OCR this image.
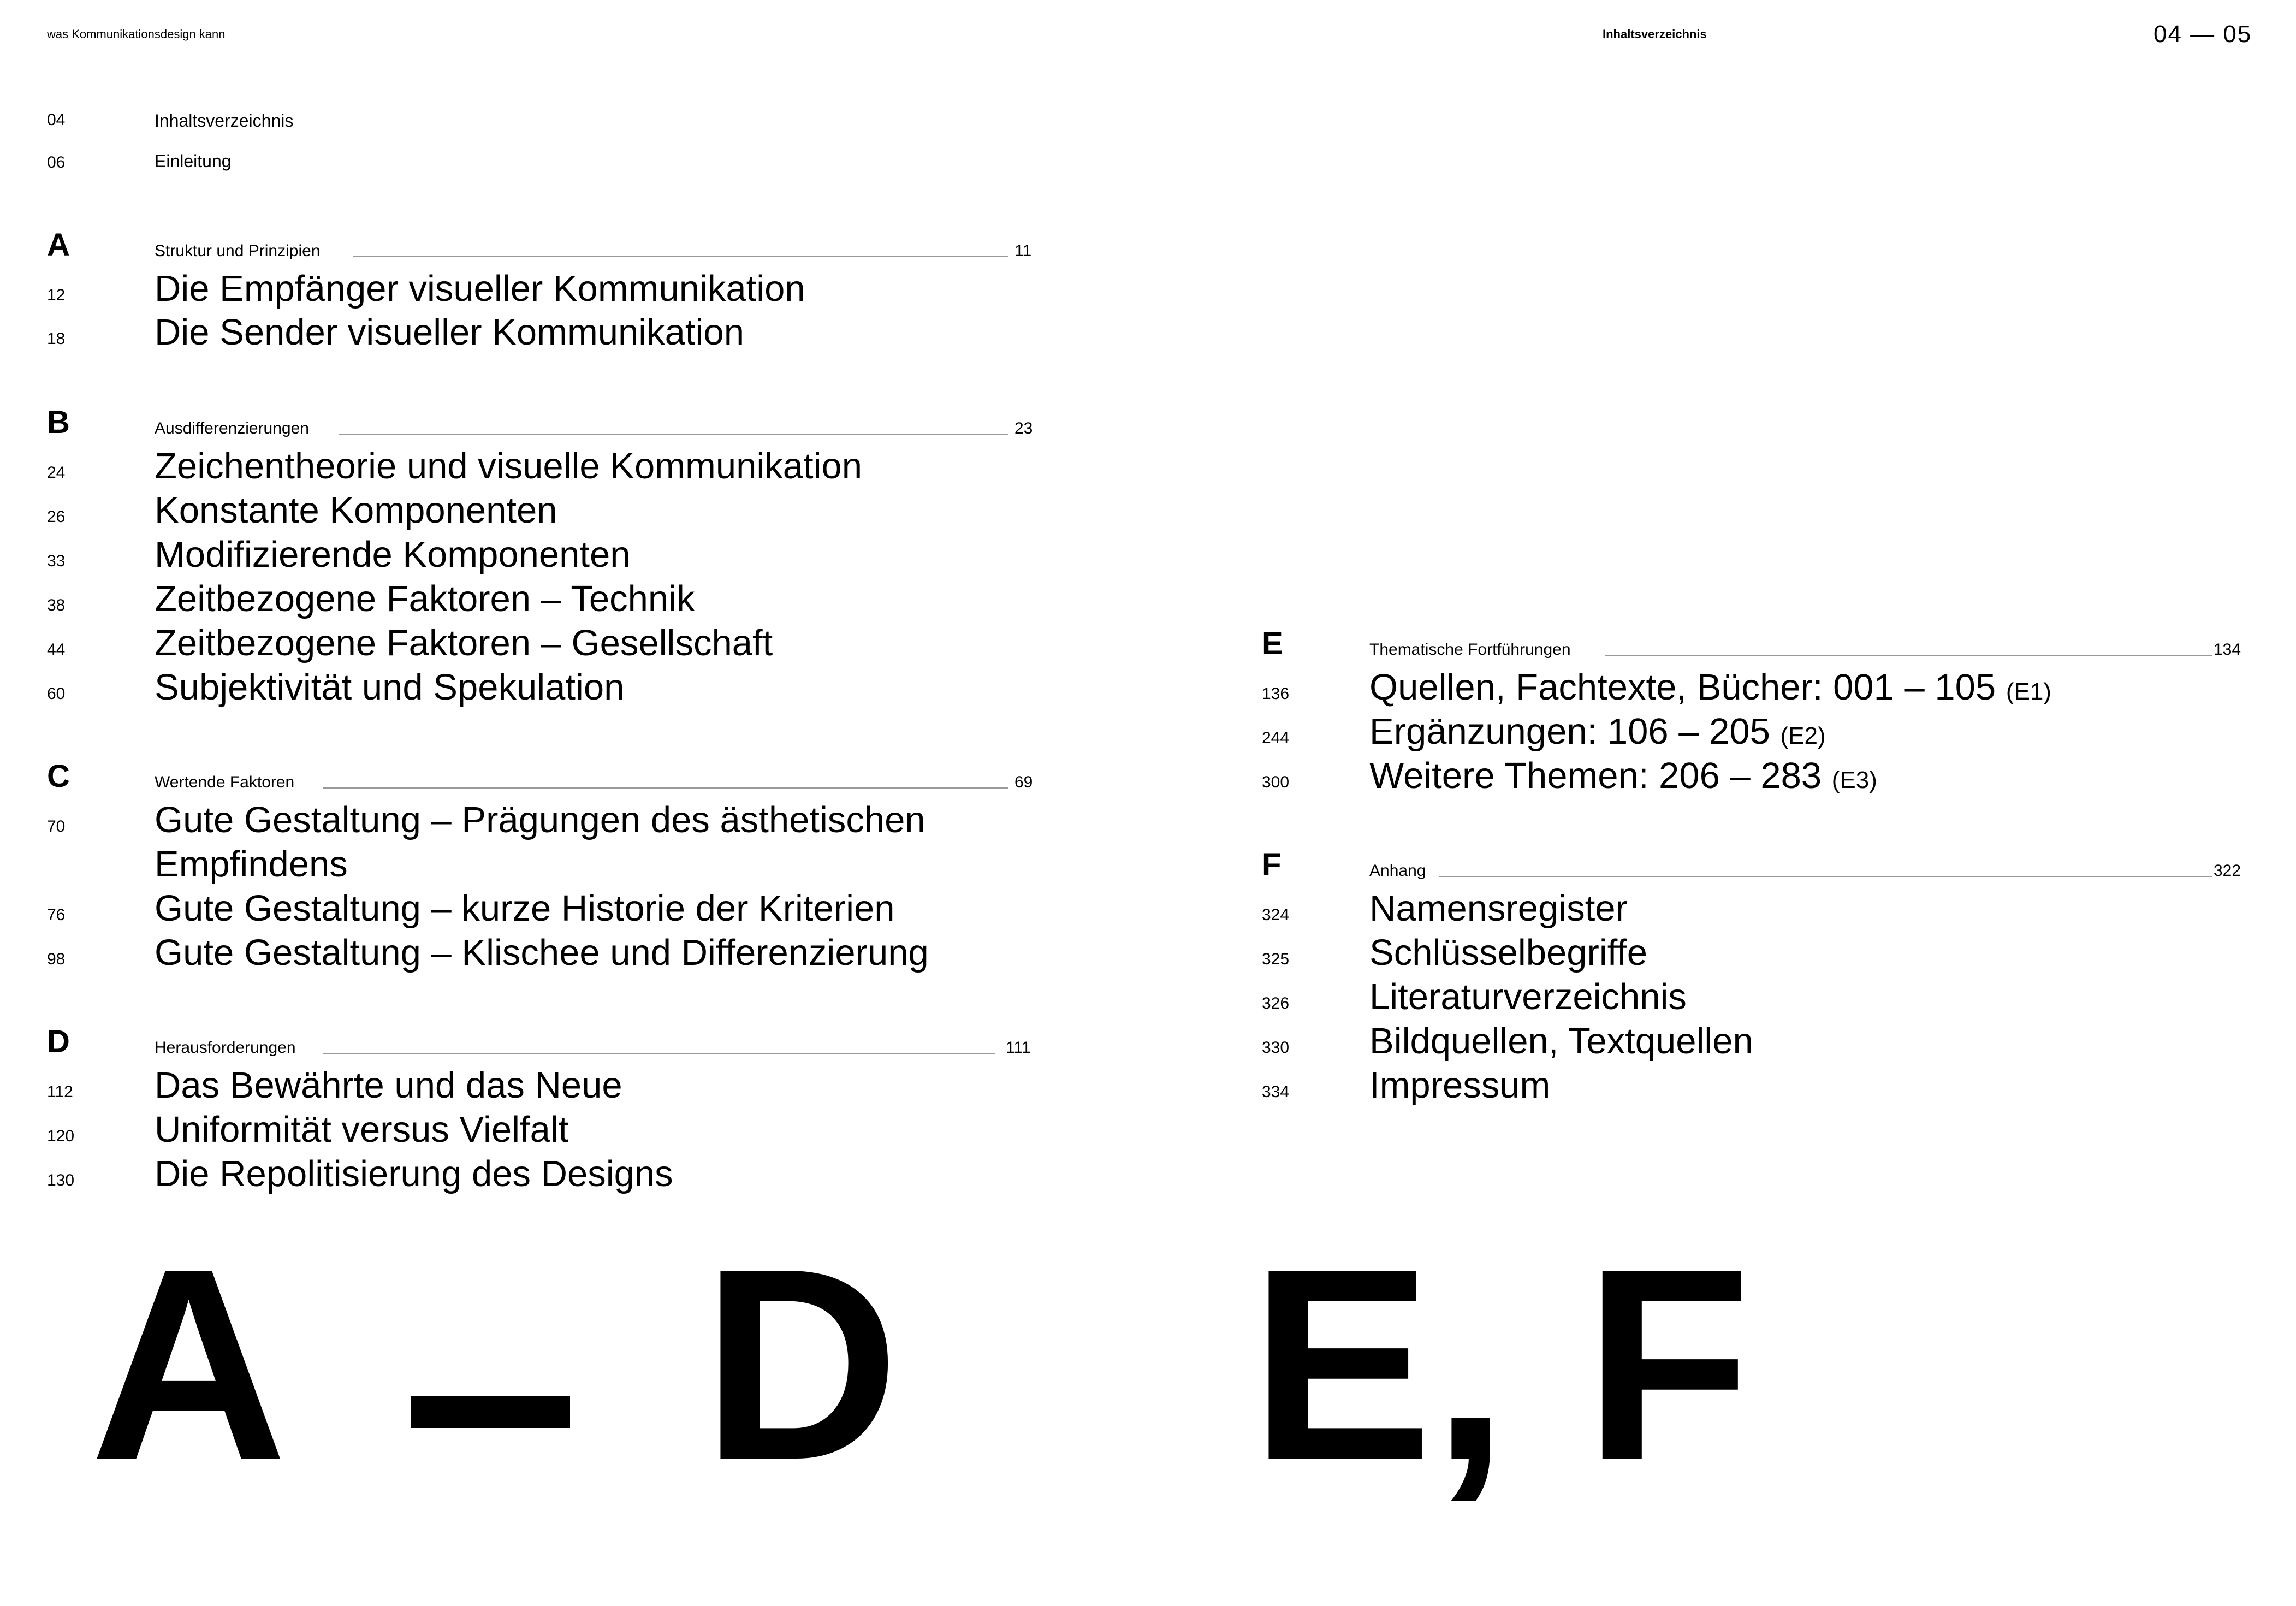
was Kommunikationsdesign kann	Inhaltsverzeichnis	04 — 05
04	Inhaltsverzeichnis
06	Einleitung
A	Struktur und Prinzipien	11
12 Die Empfänger visueller Kommunikation
18 Die Sender visueller Kommunikation
B	Ausdifferenzierungen	23
24 Zeichentheorie und visuelle Kommunikation
26 Konstante Komponenten
33 Modifizierende Komponenten
38 Zeitbezogene Faktoren – Technik
44 Zeitbezogene Faktoren – Gesellschaft
60 Subjektivität und Spekulation
C	Wertende Faktoren	69
70 Gute Gestaltung – Prägungen des ästhetischen
Empfindens
76 Gute Gestaltung – kurze Historie der Kriterien
98 Gute Gestaltung – Klischee und Differenzierung
D	Herausforderungen	111
112 Das Bewährte und das Neue
120 Uniformität versus Vielfalt
130 Die Repolitisierung des Designs
E	Thematische Fortführungen	134
136 Quellen, Fachtexte, Bücher: 001 – 105 (E1)
244 Ergänzungen: 106 – 205 (E2)
300 Weitere Themen: 206 – 283 (E3)
F	Anhang	322
324 Namensregister
325 Schlüsselbegriffe
326 Literaturverzeichnis
330 Bildquellen, Textquellen
334 Impressum
A D E, F
